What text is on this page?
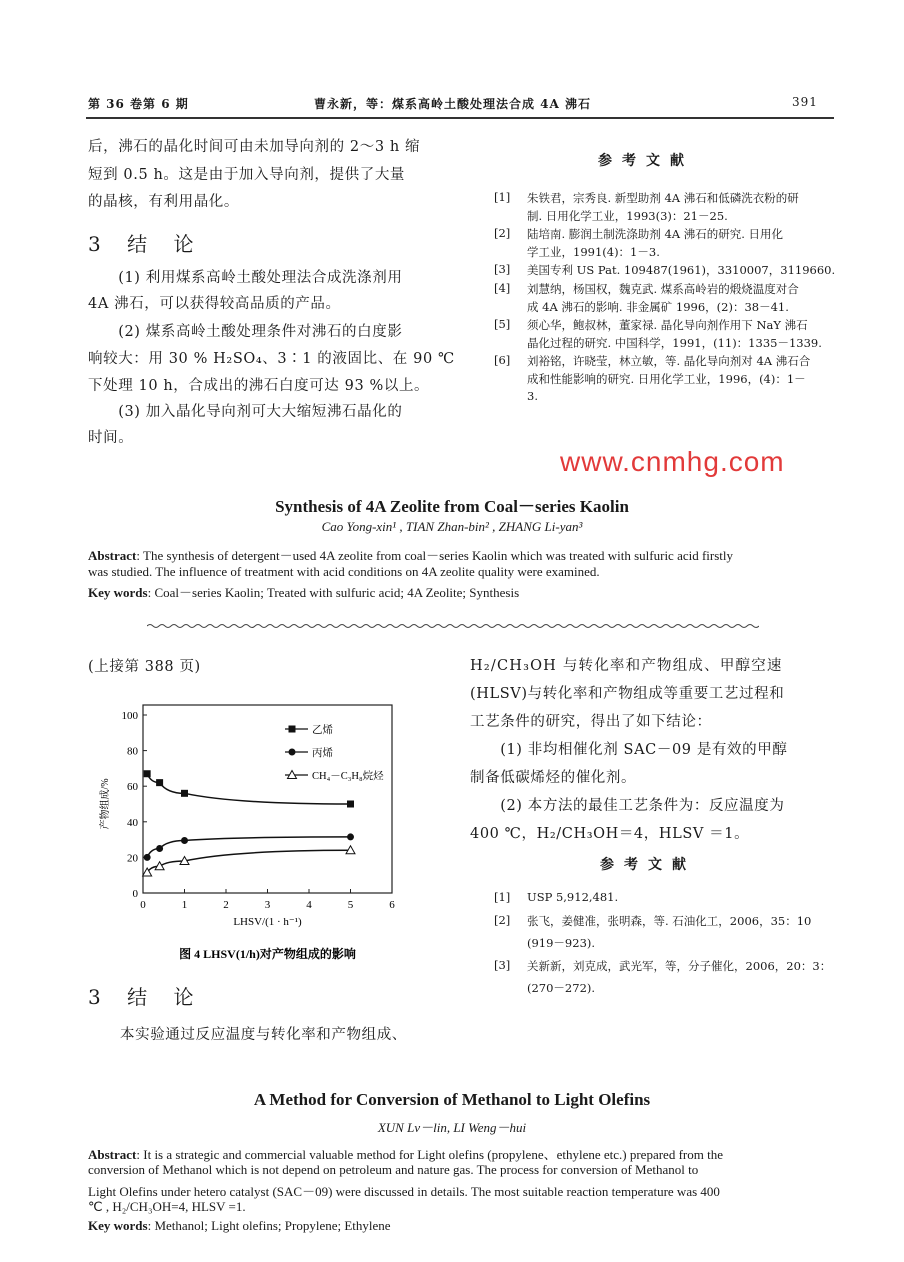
第 36 卷第 6 期	曹永新，等：煤系高岭土酸处理法合成 4A 沸石	391
后，沸石的晶化时间可由未加导向剂的 2～3 h 缩
短到 0.5 h。这是由于加入导向剂，提供了大量
的晶核，有利用晶化。
3 结 论
　　(1) 利用煤系高岭土酸处理法合成洗涤剂用
4A 沸石，可以获得较高品质的产品。
　　(2) 煤系高岭土酸处理条件对沸石的白度影
响较大：用 30 % H₂SO₄、3∶1 的液固比、在 90 ℃
下处理 10 h，合成出的沸石白度可达 93 %以上。
　　(3) 加入晶化导向剂可大大缩短沸石晶化的
时间。
参考文献
[1] 朱铁君，宗秀良. 新型助剂 4A 沸石和低磷洗衣粉的研
制. 日用化学工业，1993(3)：21－25.
[2] 陆培南. 膨润土制洗涤助剂 4A 沸石的研究. 日用化
学工业，1991(4)：1－3.
[3] 美国专利 US Pat. 109487(1961)，3310007，3119660.
[4] 刘慧纳，杨国权，魏克武. 煤系高岭岩的煅烧温度对合
成 4A 沸石的影响. 非金属矿 1996，(2)：38－41.
[5] 须心华，鲍叔林，董家禄. 晶化导向剂作用下 NaY 沸石
晶化过程的研究. 中国科学，1991，(11)：1335－1339.
[6] 刘裕铭，许晓莹，林立敏，等. 晶化导向剂对 4A 沸石合
成和性能影响的研究. 日用化学工业，1996，(4)：1－
3.
www.cnmhg.com
Synthesis of 4A Zeolite from Coal－series Kaolin
Cao Yong-xin¹ , TIAN Zhan-bin² , ZHANG Li-yan³
Abstract: The synthesis of detergent－used 4A zeolite from coal－series Kaolin which was treated with sulfuric acid firstly
was studied. The influence of treatment with acid conditions on 4A zeolite quality were examined.
Key words: Coal－series Kaolin; Treated with sulfuric acid; 4A Zeolite; Synthesis
(上接第 388 页)
0	1	2	3	4	5	6
0
20
40
60
80
100
LHSV/(1 · h⁻¹)
产物组成/%
图 4 LHSV(1/h)对产物组成的影响
乙烯
丙烯
CH₄－C₃H₈烷烃
3 结 论
本实验通过反应温度与转化率和产物组成、
H₂/CH₃OH 与转化率和产物组成、甲醇空速
(HLSV)与转化率和产物组成等重要工艺过程和
工艺条件的研究，得出了如下结论：
　　(1) 非均相催化剂 SAC－09 是有效的甲醇
制备低碳烯烃的催化剂。
　　(2) 本方法的最佳工艺条件为：反应温度为
400 ℃，H₂/CH₃OH＝4，HLSV ＝1。
参考文献
[1] USP 5,912,481.
[2] 张飞，姜健准，张明森，等. 石油化工，2006，35：10
(919－923).
[3] 关新新，刘克成，武光军，等，分子催化，2006，20：3：
(270－272).
A Method for Conversion of Methanol to Light Olefins
XUN Lv－lin, LI Weng－hui
Abstract: It is a strategic and commercial valuable method for Light olefins (propylene、ethylene etc.) prepared from the
conversion of Methanol which is not depend on petroleum and nature gas. The process for conversion of Methanol to
Light Olefins under hetero catalyst (SAC－09) were discussed in details. The most suitable reaction temperature was 400
℃ , H₂/CH₃OH=4, HLSV =1.
Key words: Methanol; Light olefins; Propylene; Ethylene
